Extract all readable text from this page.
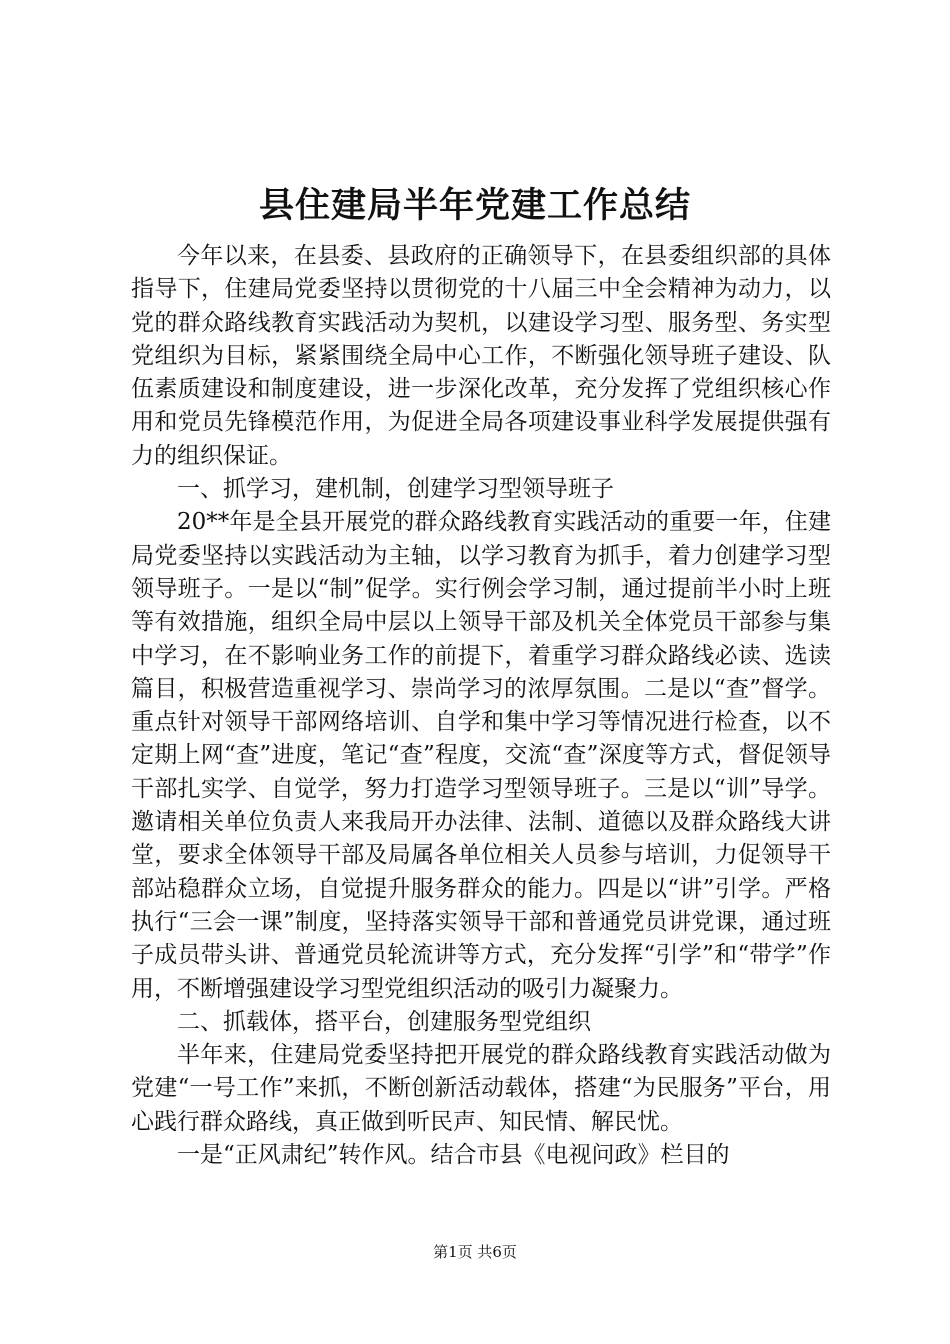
县住建局半年党建工作总结

今年以来，在县委、县政府的正确领导下，在县委组织部的具体指导下，住建局党委坚持以贯彻党的十八届三中全会精神为动力，以党的群众路线教育实践活动为契机，以建设学习型、服务型、务实型党组织为目标，紧紧围绕全局中心工作，不断强化领导班子建设、队伍素质建设和制度建设，进一步深化改革，充分发挥了党组织核心作用和党员先锋模范作用，为促进全局各项建设事业科学发展提供强有力的组织保证。

一、抓学习，建机制，创建学习型领导班子

20**年是全县开展党的群众路线教育实践活动的重要一年，住建局党委坚持以实践活动为主轴，以学习教育为抓手，着力创建学习型领导班子。一是以“制”促学。实行例会学习制，通过提前半小时上班等有效措施，组织全局中层以上领导干部及机关全体党员干部参与集中学习，在不影响业务工作的前提下，着重学习群众路线必读、选读篇目，积极营造重视学习、崇尚学习的浓厚氛围。二是以“查”督学。重点针对领导干部网络培训、自学和集中学习等情况进行检查，以不定期上网“查”进度，笔记“查”程度，交流“查”深度等方式，督促领导干部扎实学、自觉学，努力打造学习型领导班子。三是以“训”导学。邀请相关单位负责人来我局开办法律、法制、道德以及群众路线大讲堂，要求全体领导干部及局属各单位相关人员参与培训，力促领导干部站稳群众立场，自觉提升服务群众的能力。四是以“讲”引学。严格执行“三会一课”制度，坚持落实领导干部和普通党员讲党课，通过班子成员带头讲、普通党员轮流讲等方式，充分发挥“引学”和“带学”作用，不断增强建设学习型党组织活动的吸引力凝聚力。

二、抓载体，搭平台，创建服务型党组织

半年来，住建局党委坚持把开展党的群众路线教育实践活动做为党建“一号工作”来抓，不断创新活动载体，搭建“为民服务”平台，用心践行群众路线，真正做到听民声、知民情、解民忧。

一是“正风肃纪”转作风。结合市县《电视问政》栏目的

第1页 共6页
